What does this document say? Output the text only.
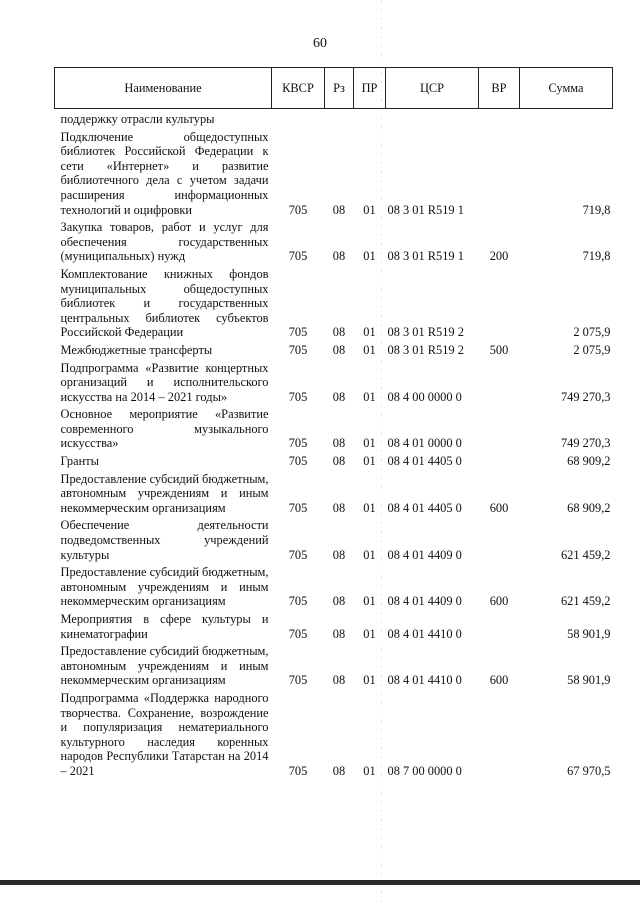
60
Наименование	КВСР	Рз	ПР	ЦСР	ВР	Сумма
поддержку отрасли культуры						
Подключение общедоступных библиотек Российской Федерации к сети «Интернет» и развитие библиотечного дела с учетом задачи расширения информационных технологий и оцифровки	705	08	01	08 3 01 R519 1		719,8
Закупка товаров, работ и услуг для обеспечения государственных (муниципальных) нужд	705	08	01	08 3 01 R519 1	200	719,8
Комплектование книжных фондов муниципальных общедоступных библиотек и государственных центральных библиотек субъектов Российской Федерации	705	08	01	08 3 01 R519 2		2 075,9
Межбюджетные трансферты	705	08	01	08 3 01 R519 2	500	2 075,9
Подпрограмма «Развитие концертных организаций и исполнительского искусства на 2014 – 2021 годы»	705	08	01	08 4 00 0000 0		749 270,3
Основное мероприятие «Развитие современного музыкального искусства»	705	08	01	08 4 01 0000 0		749 270,3
Гранты	705	08	01	08 4 01 4405 0		68 909,2
Предоставление субсидий бюджетным, автономным учреждениям и иным некоммерческим организациям	705	08	01	08 4 01 4405 0	600	68 909,2
Обеспечение деятельности подведомственных учреждений культуры	705	08	01	08 4 01 4409 0		621 459,2
Предоставление субсидий бюджетным, автономным учреждениям и иным некоммерческим организациям	705	08	01	08 4 01 4409 0	600	621 459,2
Мероприятия в сфере культуры и кинематографии	705	08	01	08 4 01 4410 0		58 901,9
Предоставление субсидий бюджетным, автономным учреждениям и иным некоммерческим организациям	705	08	01	08 4 01 4410 0	600	58 901,9
Подпрограмма «Поддержка народного творчества. Сохранение, возрождение и популяризация нематериального культурного наследия коренных народов Республики Татарстан на 2014 – 2021	705	08	01	08 7 00 0000 0		67 970,5
